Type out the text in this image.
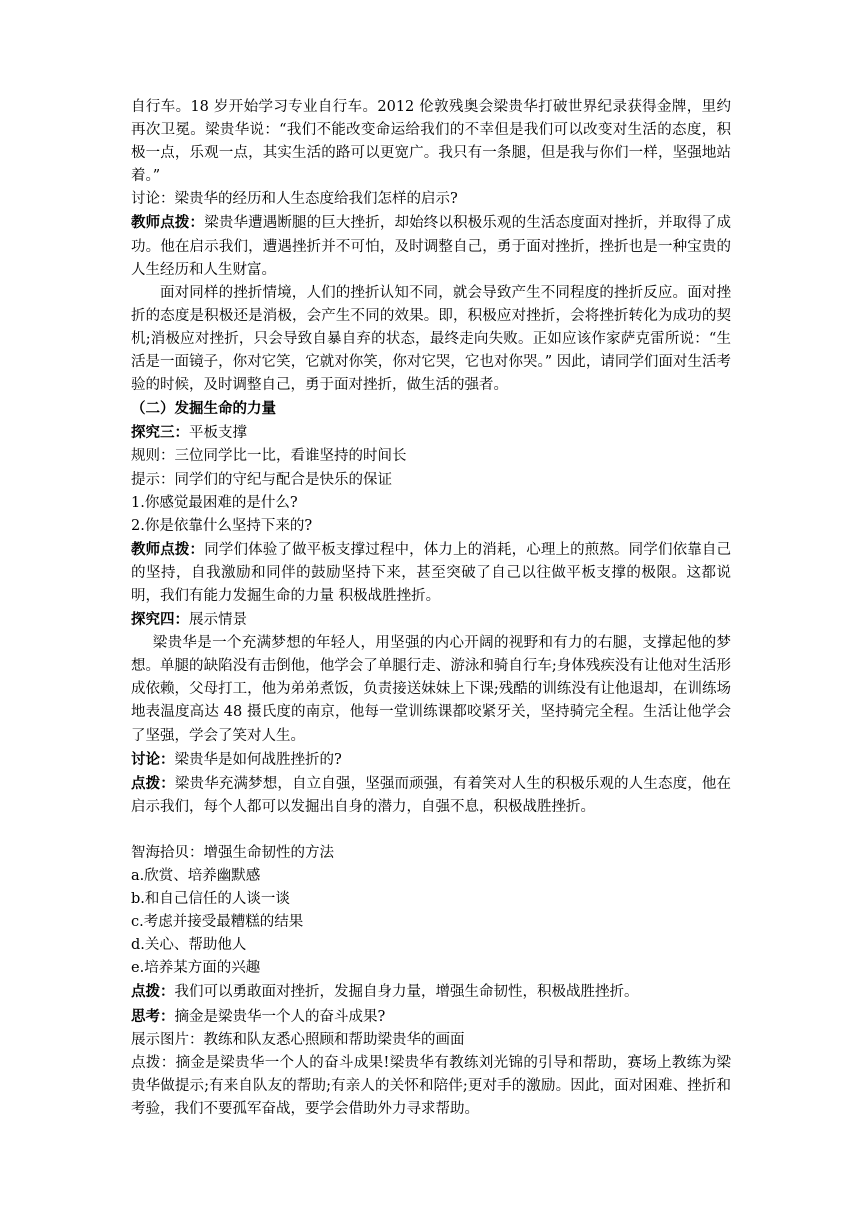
自行车。18 岁开始学习专业自行车。2012 伦敦残奥会梁贵华打破世界纪录获得金牌，里约再次卫冕。梁贵华说：“我们不能改变命运给我们的不幸但是我们可以改变对生活的态度，积极一点，乐观一点，其实生活的路可以更宽广。我只有一条腿，但是我与你们一样，坚强地站着。”

讨论：梁贵华的经历和人生态度给我们怎样的启示?

教师点拨：梁贵华遭遇断腿的巨大挫折，却始终以积极乐观的生活态度面对挫折，并取得了成功。他在启示我们，遭遇挫折并不可怕，及时调整自己，勇于面对挫折，挫折也是一种宝贵的人生经历和人生财富。

面对同样的挫折情境，人们的挫折认知不同，就会导致产生不同程度的挫折反应。面对挫折的态度是积极还是消极，会产生不同的效果。即，积极应对挫折，会将挫折转化为成功的契机;消极应对挫折，只会导致自暴自弃的状态，最终走向失败。正如应该作家萨克雷所说：“生活是一面镜子，你对它笑，它就对你笑，你对它哭，它也对你哭。” 因此，请同学们面对生活考验的时候，及时调整自己，勇于面对挫折，做生活的强者。

（二）发掘生命的力量

探究三：平板支撑

规则：三位同学比一比，看谁坚持的时间长

提示：同学们的守纪与配合是快乐的保证

1.你感觉最困难的是什么?

2.你是依靠什么坚持下来的?

教师点拨：同学们体验了做平板支撑过程中，体力上的消耗，心理上的煎熬。同学们依靠自己的坚持，自我激励和同伴的鼓励坚持下来，甚至突破了自己以往做平板支撑的极限。这都说明，我们有能力发掘生命的力量 积极战胜挫折。

探究四：展示情景

梁贵华是一个充满梦想的年轻人，用坚强的内心开阔的视野和有力的右腿，支撑起他的梦想。单腿的缺陷没有击倒他，他学会了单腿行走、游泳和骑自行车;身体残疾没有让他对生活形成依赖，父母打工，他为弟弟煮饭，负责接送妹妹上下课;残酷的训练没有让他退却，在训练场地表温度高达 48 摄氏度的南京，他每一堂训练课都咬紧牙关，坚持骑完全程。生活让他学会了坚强，学会了笑对人生。

讨论：梁贵华是如何战胜挫折的?

点拨：梁贵华充满梦想，自立自强，坚强而顽强，有着笑对人生的积极乐观的人生态度，他在启示我们，每个人都可以发掘出自身的潜力，自强不息，积极战胜挫折。

智海拾贝：增强生命韧性的方法

a.欣赏、培养幽默感

b.和自己信任的人谈一谈

c.考虑并接受最糟糕的结果

d.关心、帮助他人

e.培养某方面的兴趣

点拨：我们可以勇敢面对挫折，发掘自身力量，增强生命韧性，积极战胜挫折。

思考：摘金是梁贵华一个人的奋斗成果?

展示图片：教练和队友悉心照顾和帮助梁贵华的画面

点拨：摘金是梁贵华一个人的奋斗成果!梁贵华有教练刘光锦的引导和帮助，赛场上教练为梁贵华做提示;有来自队友的帮助;有亲人的关怀和陪伴;更对手的激励。因此，面对困难、挫折和考验，我们不要孤军奋战，要学会借助外力寻求帮助。
